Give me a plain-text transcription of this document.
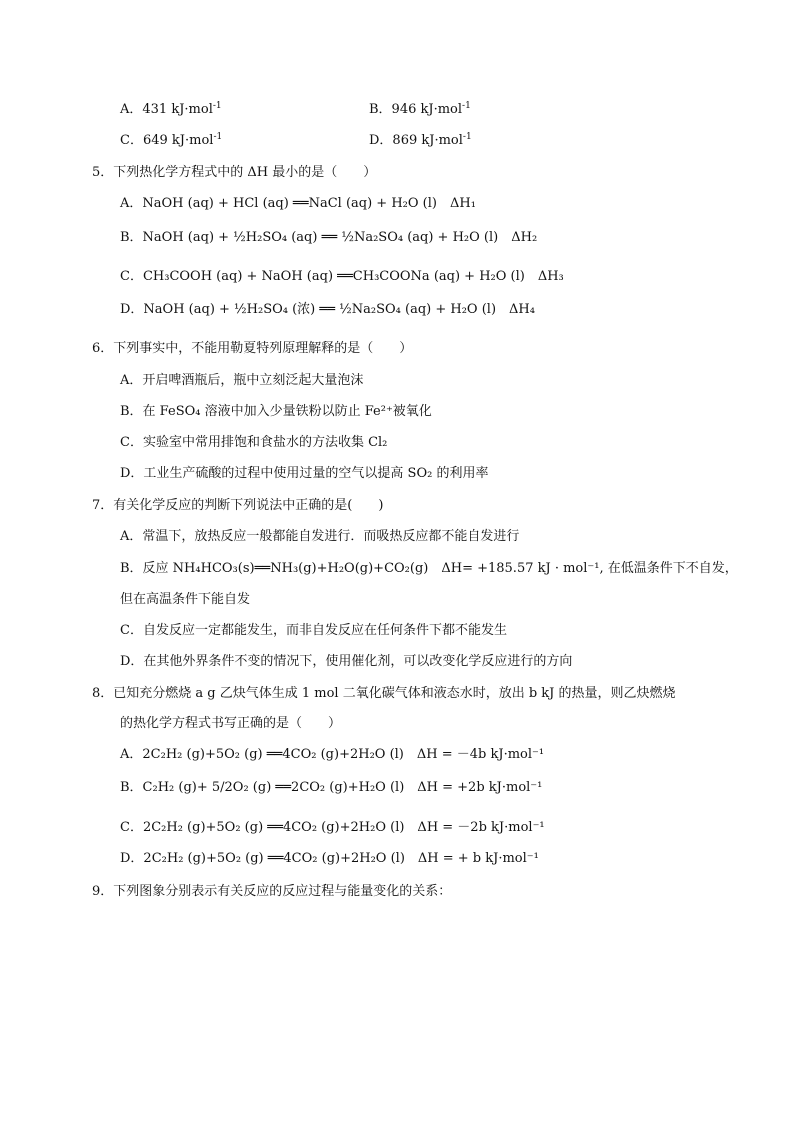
A．431 kJ·mol$^{-1}$	B．946 kJ·mol$^{-1}$
C．649 kJ·mol$^{-1}$	D．869 kJ·mol$^{-1}$
5．下列热化学方程式中的 ΔH 最小的是（　　）
A．NaOH (aq) + HCl (aq) ══NaCl (aq) + H₂O (l)　ΔH₁
B．NaOH (aq) + ½H₂SO₄ (aq) ══ ½Na₂SO₄ (aq) + H₂O (l)　ΔH₂
C．CH₃COOH (aq) + NaOH (aq) ══CH₃COONa (aq) + H₂O (l)　ΔH₃
D．NaOH (aq) + ½H₂SO₄ (浓) ══ ½Na₂SO₄ (aq) + H₂O (l)　ΔH₄
6．下列事实中，不能用勒夏特列原理解释的是（　　）
A．开启啤酒瓶后，瓶中立刻泛起大量泡沫
B．在 FeSO₄ 溶液中加入少量铁粉以防止 Fe²⁺被氧化
C．实验室中常用排饱和食盐水的方法收集 Cl₂
D．工业生产硫酸的过程中使用过量的空气以提高 SO₂ 的利用率
7．有关化学反应的判断下列说法中正确的是(　　)
A．常温下，放热反应一般都能自发进行．而吸热反应都不能自发进行
B．反应 NH₄HCO₃(s)══NH₃(g)+H₂O(g)+CO₂(g)　ΔH= +185.57 kJ · mol⁻¹, 在低温条件下不自发，
但在高温条件下能自发
C．自发反应一定都能发生，而非自发反应在任何条件下都不能发生
D．在其他外界条件不变的情况下，使用催化剂，可以改变化学反应进行的方向
8．已知充分燃烧 a g 乙炔气体生成 1 mol 二氧化碳气体和液态水时，放出 b kJ 的热量，则乙炔燃烧
的热化学方程式书写正确的是（　　）
A．2C₂H₂ (g)+5O₂ (g) ══4CO₂ (g)+2H₂O (l)　ΔH = －4b kJ·mol⁻¹
B．C₂H₂ (g)+ 5/2O₂ (g) ══2CO₂ (g)+H₂O (l)　ΔH = +2b kJ·mol⁻¹
C．2C₂H₂ (g)+5O₂ (g) ══4CO₂ (g)+2H₂O (l)　ΔH = －2b kJ·mol⁻¹
D．2C₂H₂ (g)+5O₂ (g) ══4CO₂ (g)+2H₂O (l)　ΔH = + b kJ·mol⁻¹
9．下列图象分别表示有关反应的反应过程与能量变化的关系：
